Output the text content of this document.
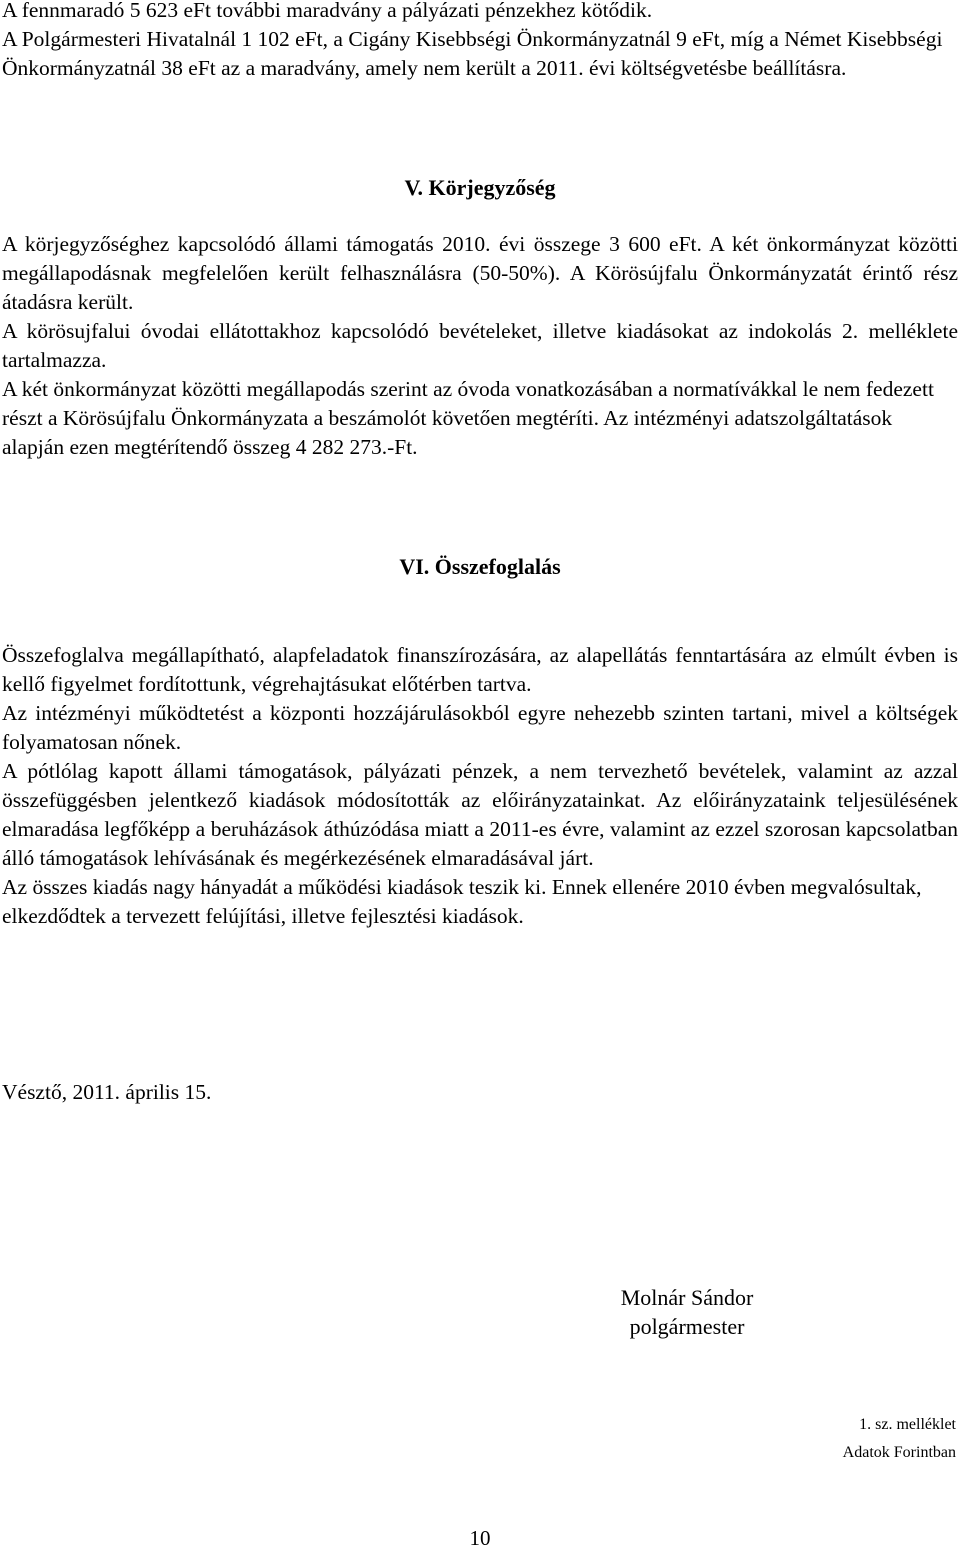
A fennmaradó 5 623 eFt további maradvány a pályázati pénzekhez kötődik.

A Polgármesteri Hivatalnál 1 102 eFt, a Cigány Kisebbségi Önkormányzatnál 9 eFt, míg a Német Kisebbségi Önkormányzatnál 38 eFt az a maradvány, amely nem került a 2011. évi költségvetésbe beállításra.

V. Körjegyzőség

A körjegyzőséghez kapcsolódó állami támogatás 2010. évi összege 3 600 eFt. A két önkormányzat közötti megállapodásnak megfelelően került felhasználásra (50-50%). A Körösújfalu Önkormányzatát érintő rész átadásra került.

A körösujfalui óvodai ellátottakhoz kapcsolódó bevételeket, illetve kiadásokat az indokolás 2. melléklete tartalmazza.

A két önkormányzat közötti megállapodás szerint az óvoda vonatkozásában a normatívákkal le nem fedezett részt a Körösújfalu Önkormányzata a beszámolót követően megtéríti. Az intézményi adatszolgáltatások alapján ezen megtérítendő összeg 4 282 273.-Ft.

VI. Összefoglalás

Összefoglalva megállapítható, alapfeladatok finanszírozására, az alapellátás fenntartására az elmúlt évben is kellő figyelmet fordítottunk, végrehajtásukat előtérben tartva.

Az intézményi működtetést a központi hozzájárulásokból egyre nehezebb szinten tartani, mivel a költségek folyamatosan nőnek.

A pótlólag kapott állami támogatások, pályázati pénzek, a nem tervezhető bevételek, valamint az azzal összefüggésben jelentkező kiadások módosították az előirányzatainkat. Az előirányzataink teljesülésének elmaradása legfőképp a beruházások áthúzódása miatt a 2011-es évre, valamint az ezzel szorosan kapcsolatban álló támogatások lehívásának és megérkezésének elmaradásával járt.

Az összes kiadás nagy hányadát a működési kiadások teszik ki. Ennek ellenére 2010 évben megvalósultak, elkezdődtek a tervezett felújítási, illetve fejlesztési kiadások.

Vésztő, 2011. április 15.

Molnár Sándor
polgármester
1. sz. melléklet
Adatok Forintban
10
